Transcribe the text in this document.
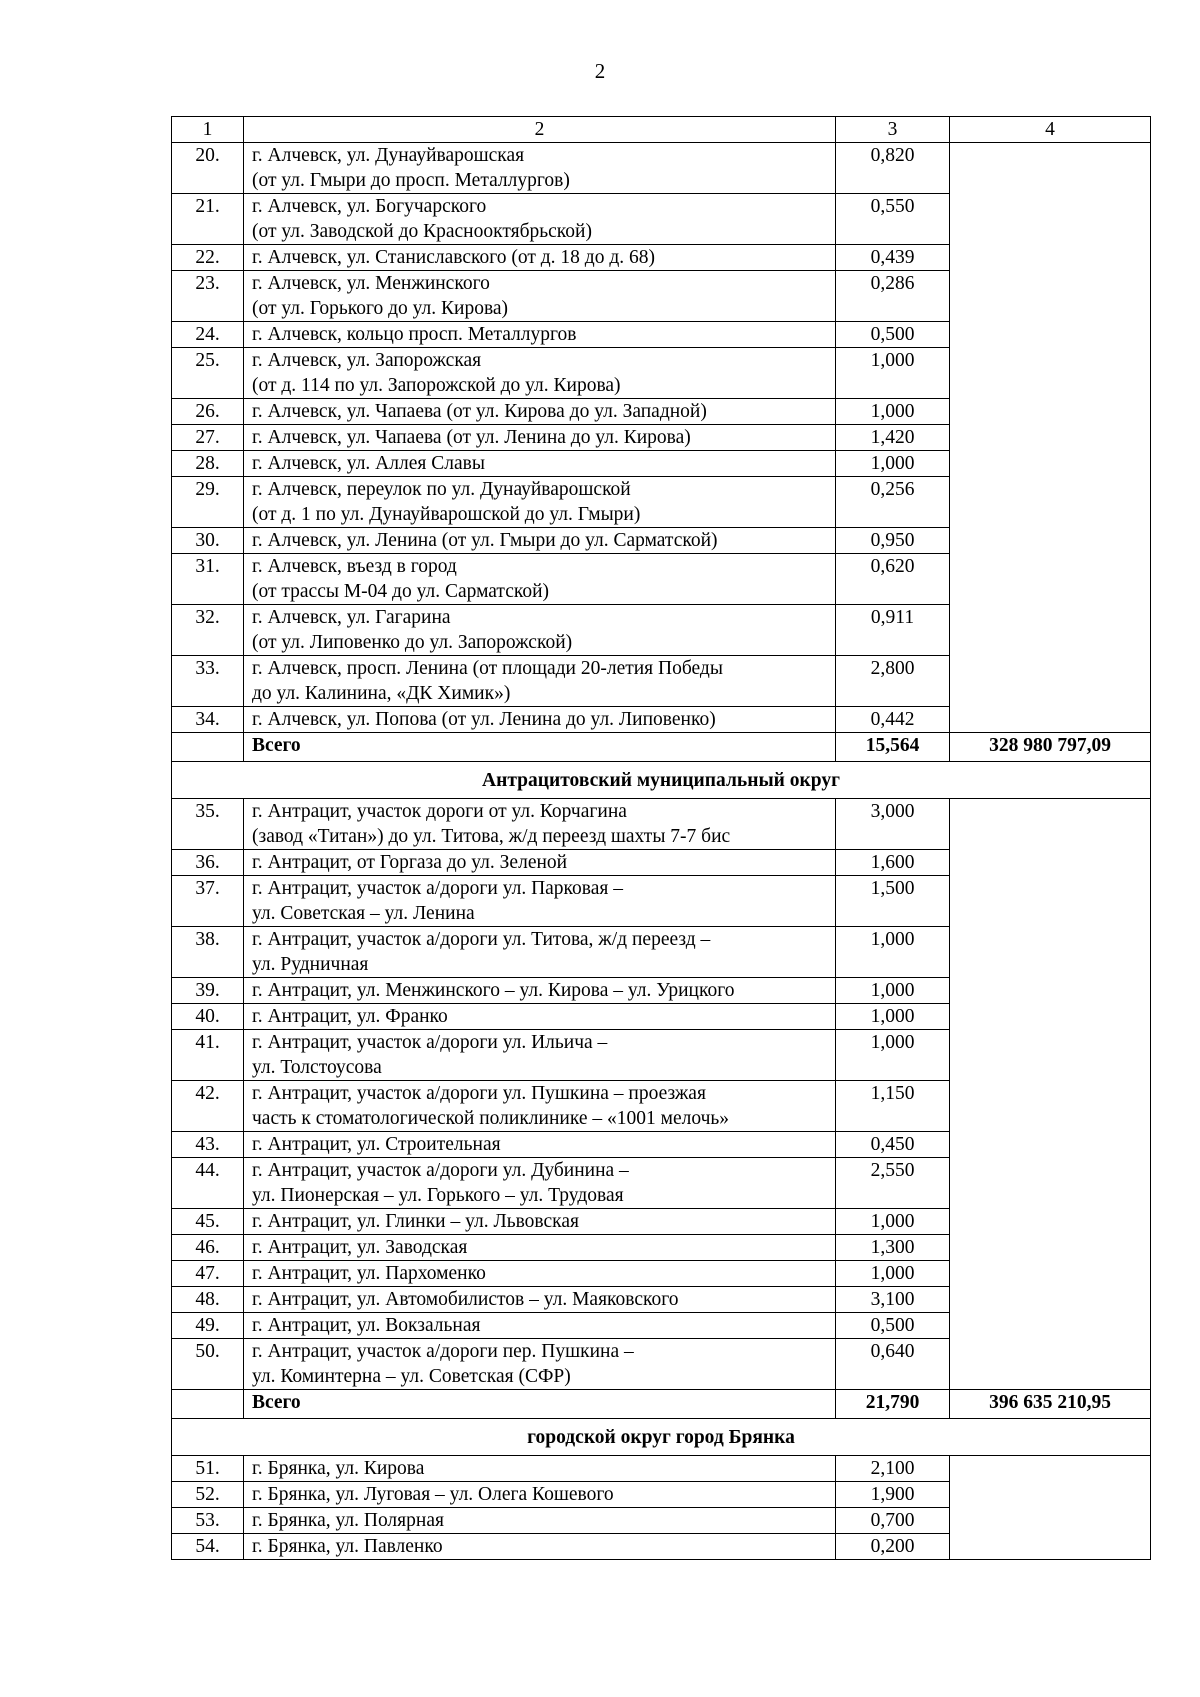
2
1	2	3	4
20.	г. Алчевск, ул. Дунауйварошская
(от ул. Гмыри до просп. Металлургов)	0,820	
21.	г. Алчевск, ул. Богучарского
(от ул. Заводской до Краснооктябрьской)	0,550	
22.	г. Алчевск, ул. Станиславского (от д. 18 до д. 68)	0,439	
23.	г. Алчевск, ул. Менжинского
(от ул. Горького до ул. Кирова)	0,286	
24.	г. Алчевск, кольцо просп. Металлургов	0,500	
25.	г. Алчевск, ул. Запорожская
(от д. 114 по ул. Запорожской до ул. Кирова)	1,000	
26.	г. Алчевск, ул. Чапаева (от ул. Кирова до ул. Западной)	1,000	
27.	г. Алчевск, ул. Чапаева (от ул. Ленина до ул. Кирова)	1,420	
28.	г. Алчевск, ул. Аллея Славы	1,000	
29.	г. Алчевск, переулок по ул. Дунауйварошской
(от д. 1 по ул. Дунауйварошской до ул. Гмыри)	0,256	
30.	г. Алчевск, ул. Ленина (от ул. Гмыри до ул. Сарматской)	0,950	
31.	г. Алчевск, въезд в город
(от трассы М-04 до ул. Сарматской)	0,620	
32.	г. Алчевск, ул. Гагарина
(от ул. Липовенко до ул. Запорожской)	0,911	
33.	г. Алчевск, просп. Ленина (от площади 20-летия Победы
до ул. Калинина, «ДК Химик»)	2,800	
34.	г. Алчевск, ул. Попова (от ул. Ленина до ул. Липовенко)	0,442	
	Всего	15,564	328 980 797,09
Антрацитовский муниципальный округ			
35.	г. Антрацит, участок дороги от ул. Корчагина
(завод «Титан») до ул. Титова, ж/д переезд шахты 7-7 бис	3,000	
36.	г. Антрацит, от Горгаза до ул. Зеленой	1,600	
37.	г. Антрацит, участок а/дороги ул. Парковая –
ул. Советская – ул. Ленина	1,500	
38.	г. Антрацит, участок а/дороги ул. Титова, ж/д переезд –
ул. Рудничная	1,000	
39.	г. Антрацит, ул. Менжинского – ул. Кирова – ул. Урицкого	1,000	
40.	г. Антрацит, ул. Франко	1,000	
41.	г. Антрацит, участок а/дороги ул. Ильича –
ул. Толстоусова	1,000	
42.	г. Антрацит, участок а/дороги ул. Пушкина – проезжая
часть к стоматологической поликлинике – «1001 мелочь»	1,150	
43.	г. Антрацит, ул. Строительная	0,450	
44.	г. Антрацит, участок а/дороги ул. Дубинина –
ул. Пионерская – ул. Горького – ул. Трудовая	2,550	
45.	г. Антрацит, ул. Глинки – ул. Львовская	1,000	
46.	г. Антрацит, ул. Заводская	1,300	
47.	г. Антрацит, ул. Пархоменко	1,000	
48.	г. Антрацит, ул. Автомобилистов – ул. Маяковского	3,100	
49.	г. Антрацит, ул. Вокзальная	0,500	
50.	г. Антрацит, участок а/дороги пер. Пушкина –
ул. Коминтерна – ул. Советская (СФР)	0,640	
	Всего	21,790	396 635 210,95
городской округ город Брянка			
51.	г. Брянка, ул. Кирова	2,100	
52.	г. Брянка, ул. Луговая – ул. Олега Кошевого	1,900	
53.	г. Брянка, ул. Полярная	0,700	
54.	г. Брянка, ул. Павленко	0,200	
